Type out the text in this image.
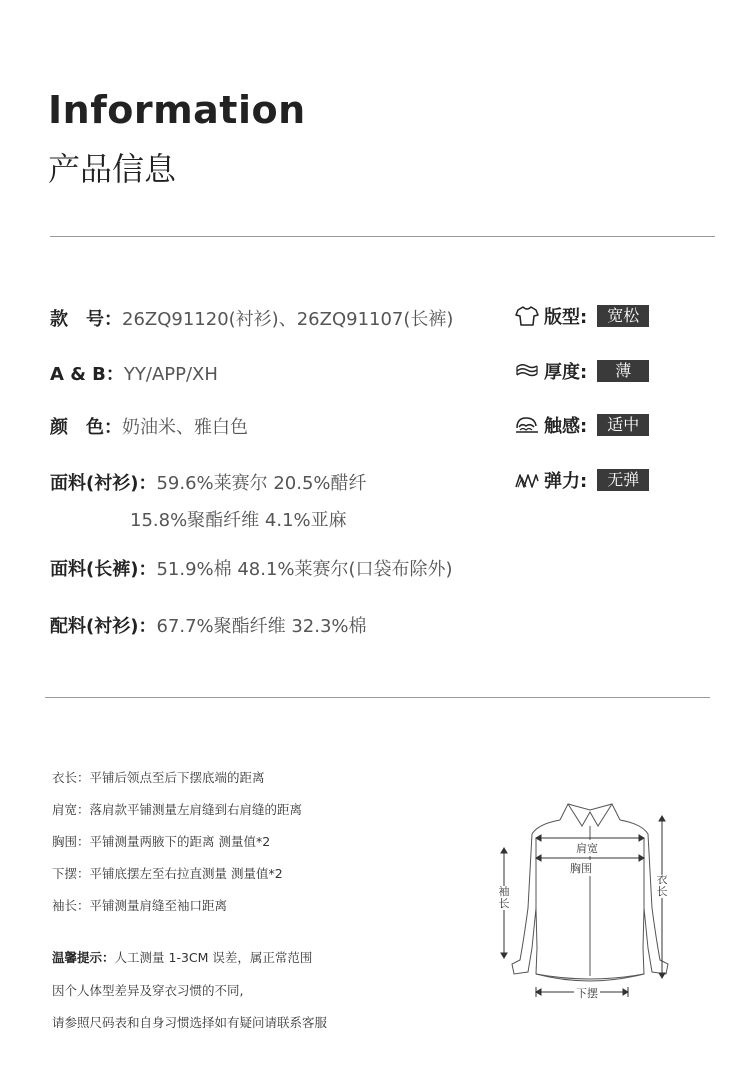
Information
产品信息
款　号：26ZQ91120(衬衫)、26ZQ91107(长裤)
A & B：YY/APP/XH
颜　色：奶油米、雅白色
面料(衬衫)：59.6%莱赛尔 20.5%醋纤
15.8%聚酯纤维 4.1%亚麻
面料(长裤)：51.9%棉 48.1%莱赛尔(口袋布除外)
配料(衬衫)：67.7%聚酯纤维 32.3%棉
版型:	宽松
厚度:	薄
触感:	适中
弹力:	无弹
衣长：平铺后领点至后下摆底端的距离
肩宽：落肩款平铺测量左肩缝到右肩缝的距离
胸围：平铺测量两腋下的距离 测量值*2
下摆：平铺底摆左至右拉直测量 测量值*2
袖长：平铺测量肩缝至袖口距离
温馨提示：人工测量 1-3CM 误差，属正常范围
因个人体型差异及穿衣习惯的不同,
请参照尺码表和自身习惯选择如有疑问请联系客服
肩宽
胸围
袖长
衣长
下摆
